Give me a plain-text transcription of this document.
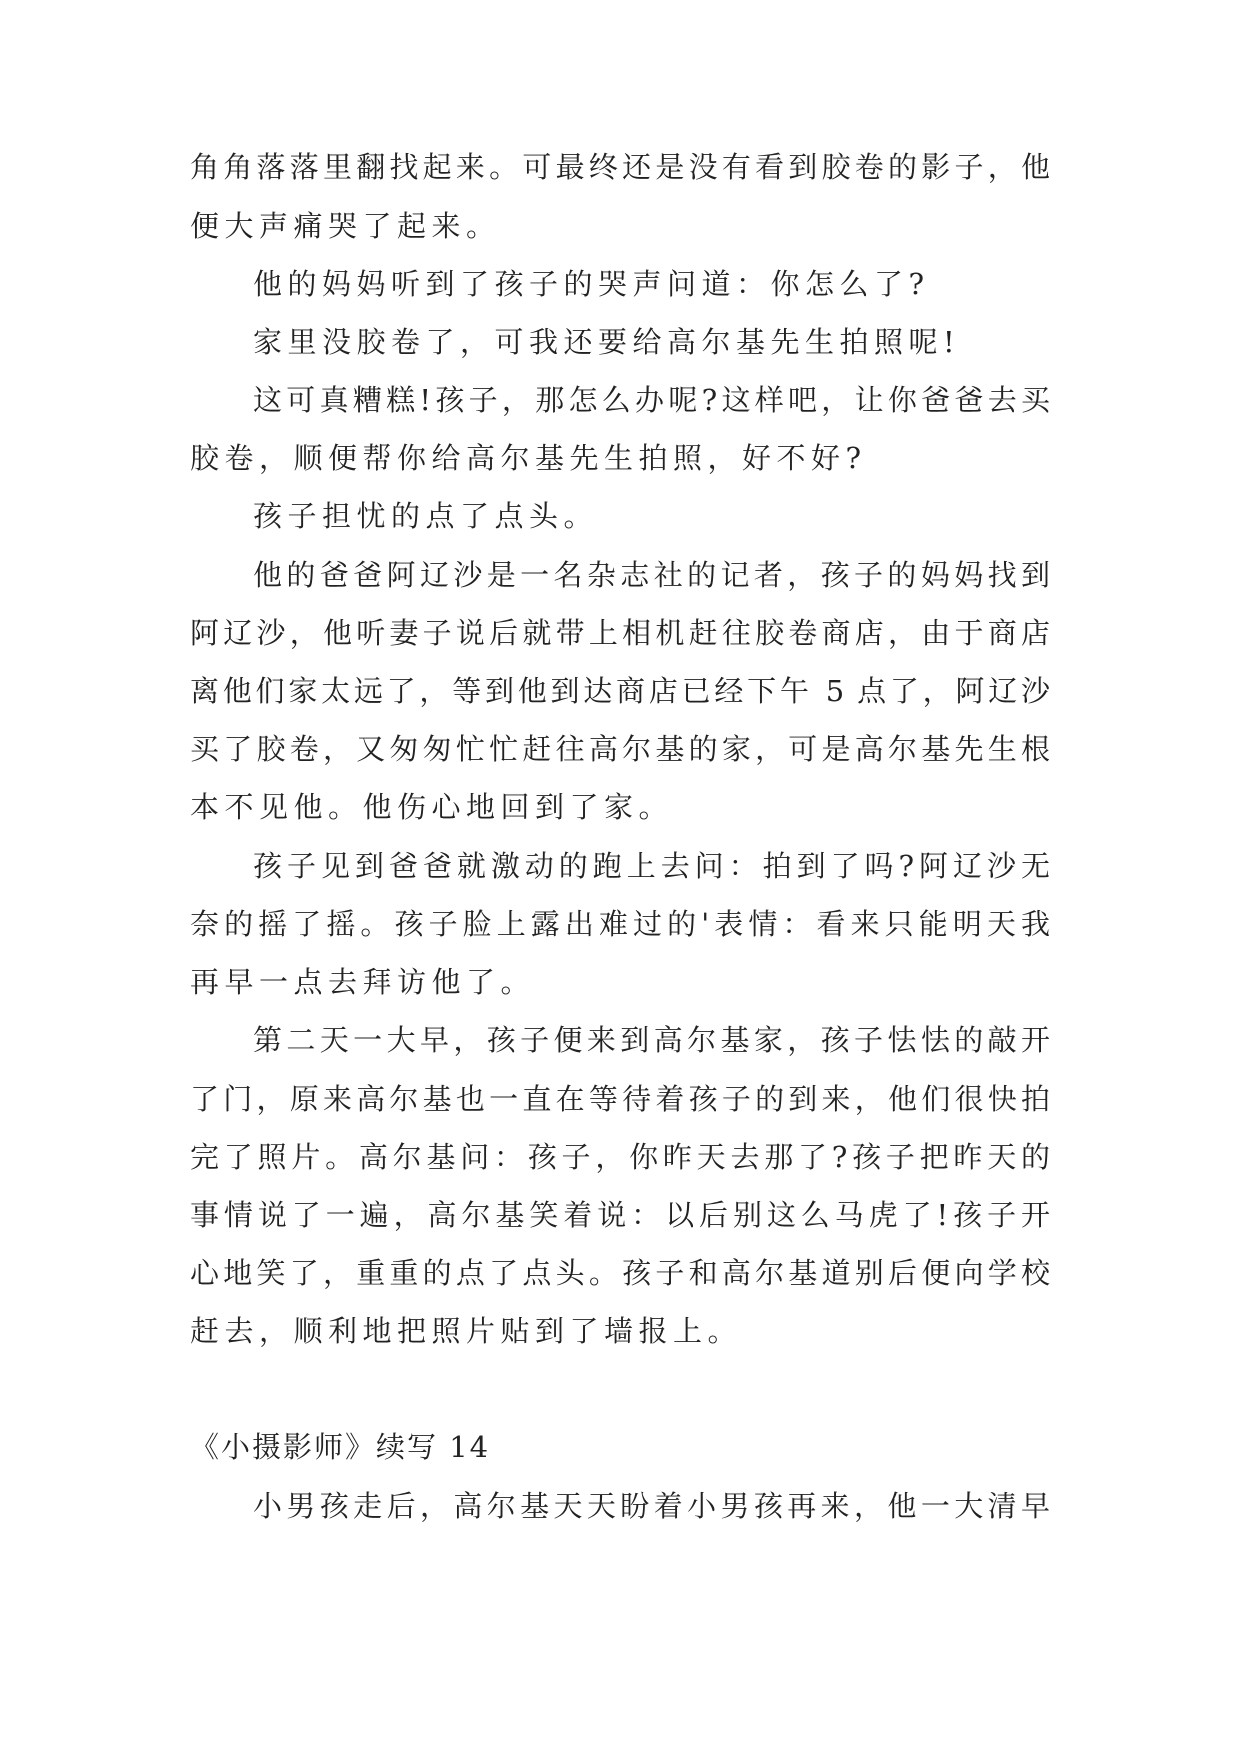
角角落落里翻找起来。可最终还是没有看到胶卷的影子，他
便大声痛哭了起来。
他的妈妈听到了孩子的哭声问道：你怎么了?
家里没胶卷了，可我还要给高尔基先生拍照呢!
这可真糟糕!孩子，那怎么办呢?这样吧，让你爸爸去买
胶卷，顺便帮你给高尔基先生拍照，好不好?
孩子担忧的点了点头。
他的爸爸阿辽沙是一名杂志社的记者，孩子的妈妈找到
阿辽沙，他听妻子说后就带上相机赶往胶卷商店，由于商店
离他们家太远了，等到他到达商店已经下午 5 点了，阿辽沙
买了胶卷，又匆匆忙忙赶往高尔基的家，可是高尔基先生根
本不见他。他伤心地回到了家。
孩子见到爸爸就激动的跑上去问：拍到了吗?阿辽沙无
奈的摇了摇。孩子脸上露出难过的'表情：看来只能明天我
再早一点去拜访他了。
第二天一大早，孩子便来到高尔基家，孩子怯怯的敲开
了门，原来高尔基也一直在等待着孩子的到来，他们很快拍
完了照片。高尔基问：孩子，你昨天去那了?孩子把昨天的
事情说了一遍，高尔基笑着说：以后别这么马虎了!孩子开
心地笑了，重重的点了点头。孩子和高尔基道别后便向学校
赶去，顺利地把照片贴到了墙报上。
《小摄影师》续写 14
小男孩走后，高尔基天天盼着小男孩再来，他一大清早
